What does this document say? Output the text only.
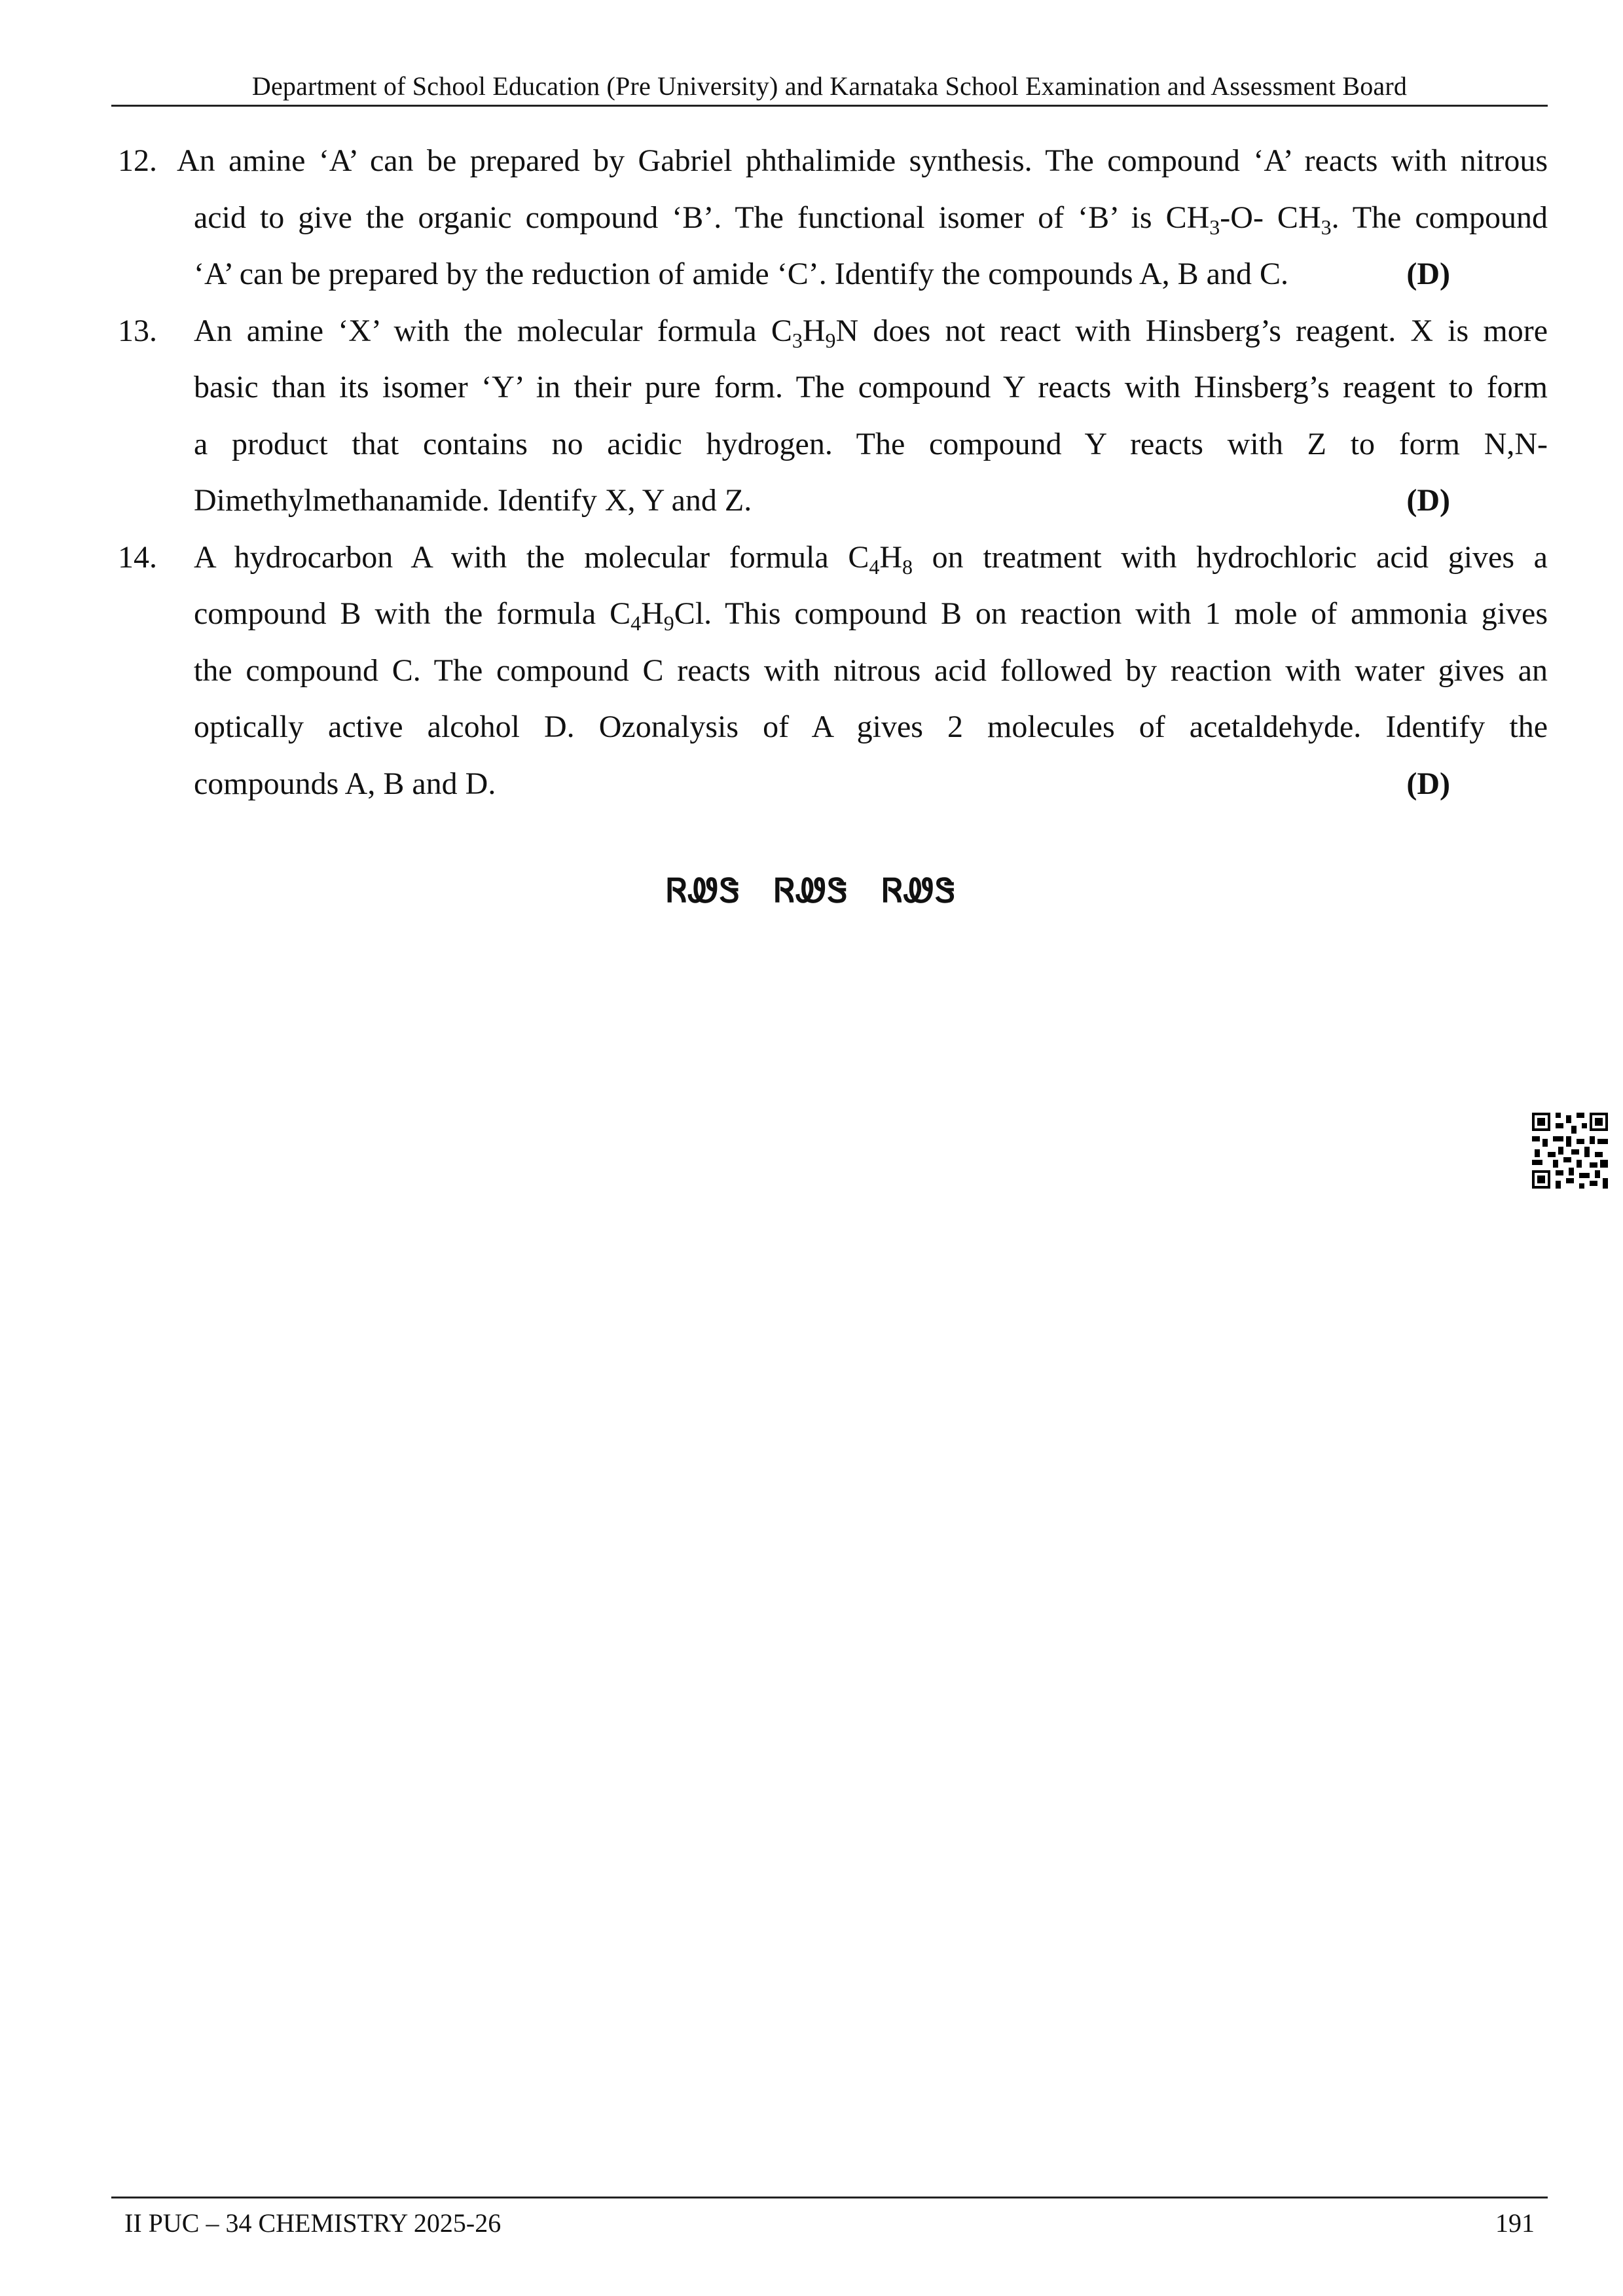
Department of School Education (Pre University) and Karnataka School Examination and Assessment Board
12. An amine ‘A’ can be prepared by Gabriel phthalimide synthesis. The compound ‘A’ reacts with nitrous
acid to give the organic compound ‘B’. The functional isomer of ‘B’ is $CH_3-O-$ $CH_3$. The compound
‘A’ can be prepared by the reduction of amide ‘C’. Identify the compounds A, B and C.	(D)
13.	An amine ‘X’ with the molecular formula $C_3H_9N$ does not react with Hinsberg’s reagent. X is more
basic than its isomer ‘Y’ in their pure form. The compound Y reacts with Hinsberg’s reagent to form
a product that contains no acidic hydrogen. The compound Y reacts with Z to form N,N-
Dimethylmethanamide. Identify X, Y and Z.	(D)
14.	A hydrocarbon A with the molecular formula $C_4H_8$ on treatment with hydrochloric acid gives a
compound B with the formula $C_4H_9Cl$. This compound B on reaction with 1 mole of ammonia gives
the compound C. The compound C reacts with nitrous acid followed by reaction with water gives an
optically active alcohol D. Ozonalysis of A gives 2 molecules of acetaldehyde. Identify the
compounds A, B and D.	(D)
ᏒᏪᏕ ᏒᏪᏕ ᏒᏪᏕ
II PUC – 34 CHEMISTRY 2025-26	191
